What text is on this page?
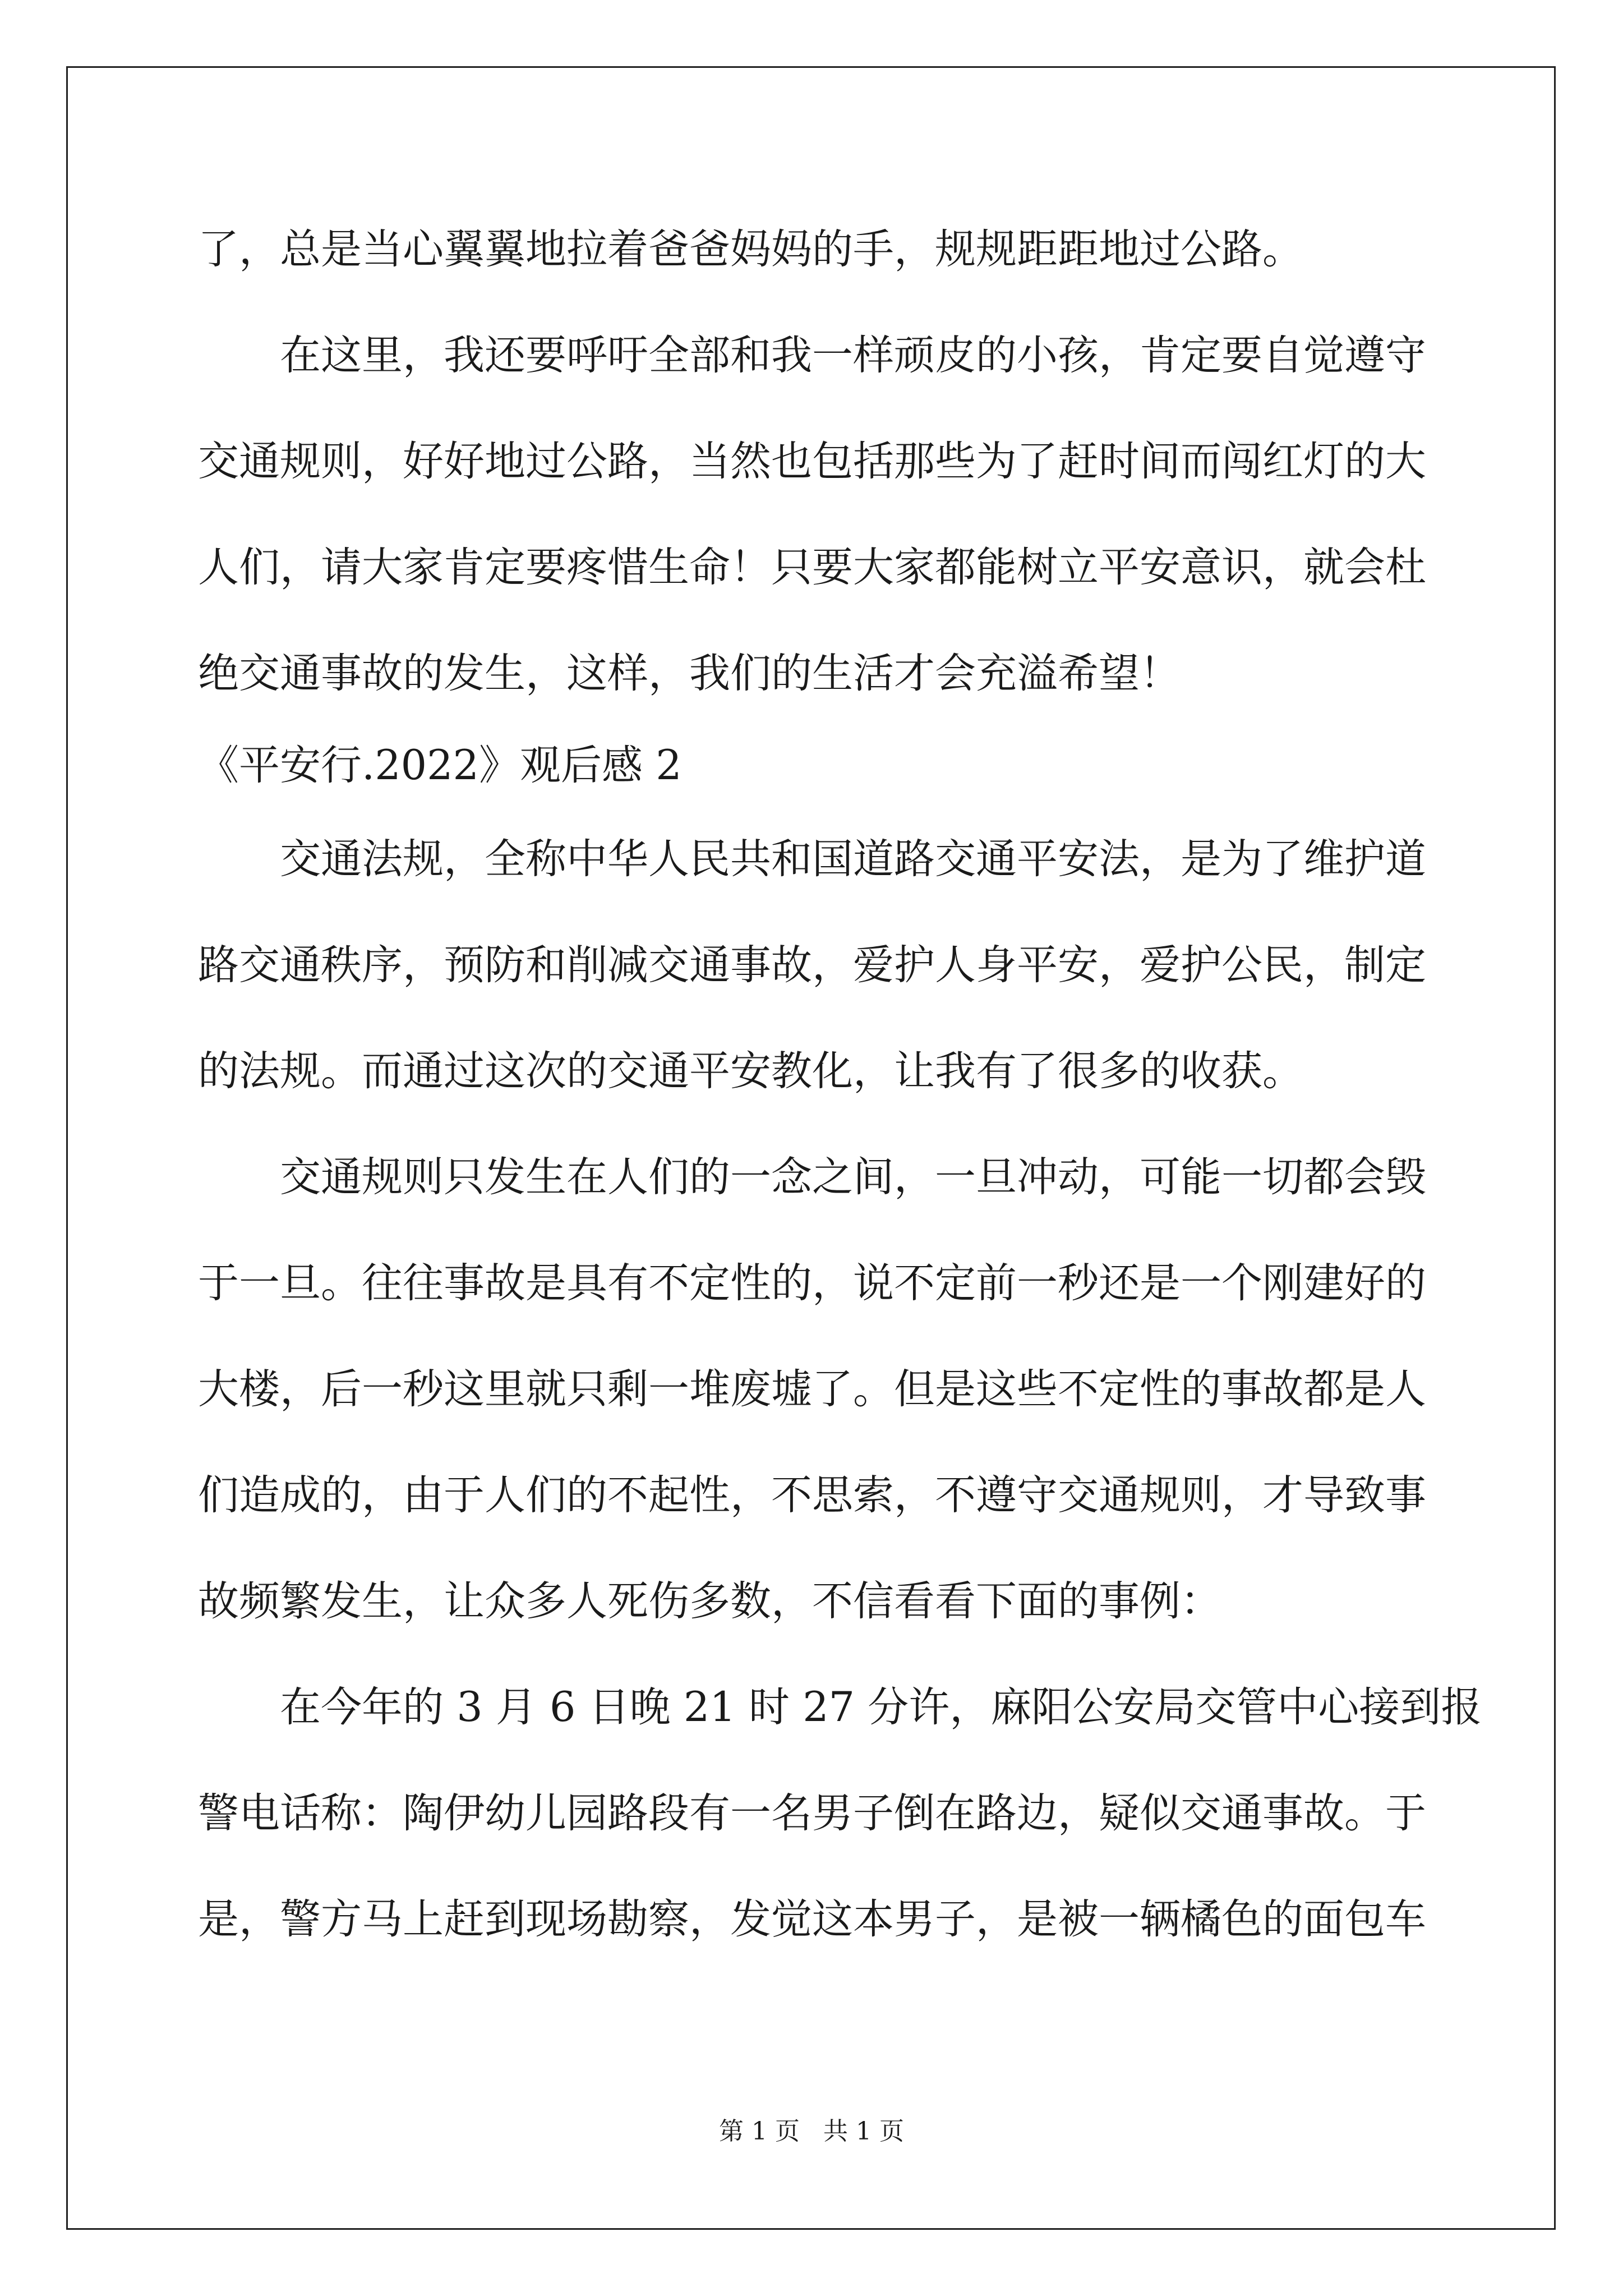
了，总是当心翼翼地拉着爸爸妈妈的手，规规距距地过公路。
　　在这里，我还要呼吁全部和我一样顽皮的小孩，肯定要自觉遵守
交通规则，好好地过公路，当然也包括那些为了赶时间而闯红灯的大
人们，请大家肯定要疼惜生命！只要大家都能树立平安意识，就会杜
绝交通事故的发生，这样，我们的生活才会充溢希望！
《平安行.2022》观后感 2
　　交通法规，全称中华人民共和国道路交通平安法，是为了维护道
路交通秩序，预防和削减交通事故，爱护人身平安，爱护公民，制定
的法规。而通过这次的交通平安教化，让我有了很多的收获。
　　交通规则只发生在人们的一念之间，一旦冲动，可能一切都会毁
于一旦。往往事故是具有不定性的，说不定前一秒还是一个刚建好的
大楼，后一秒这里就只剩一堆废墟了。但是这些不定性的事故都是人
们造成的，由于人们的不起性，不思索，不遵守交通规则，才导致事
故频繁发生，让众多人死伤多数，不信看看下面的事例：
　　在今年的 3 月 6 日晚 21 时 27 分许，麻阳公安局交管中心接到报
警电话称：陶伊幼儿园路段有一名男子倒在路边，疑似交通事故。于
是，警方马上赶到现场勘察，发觉这本男子，是被一辆橘色的面包车
第 1 页 共 1 页
